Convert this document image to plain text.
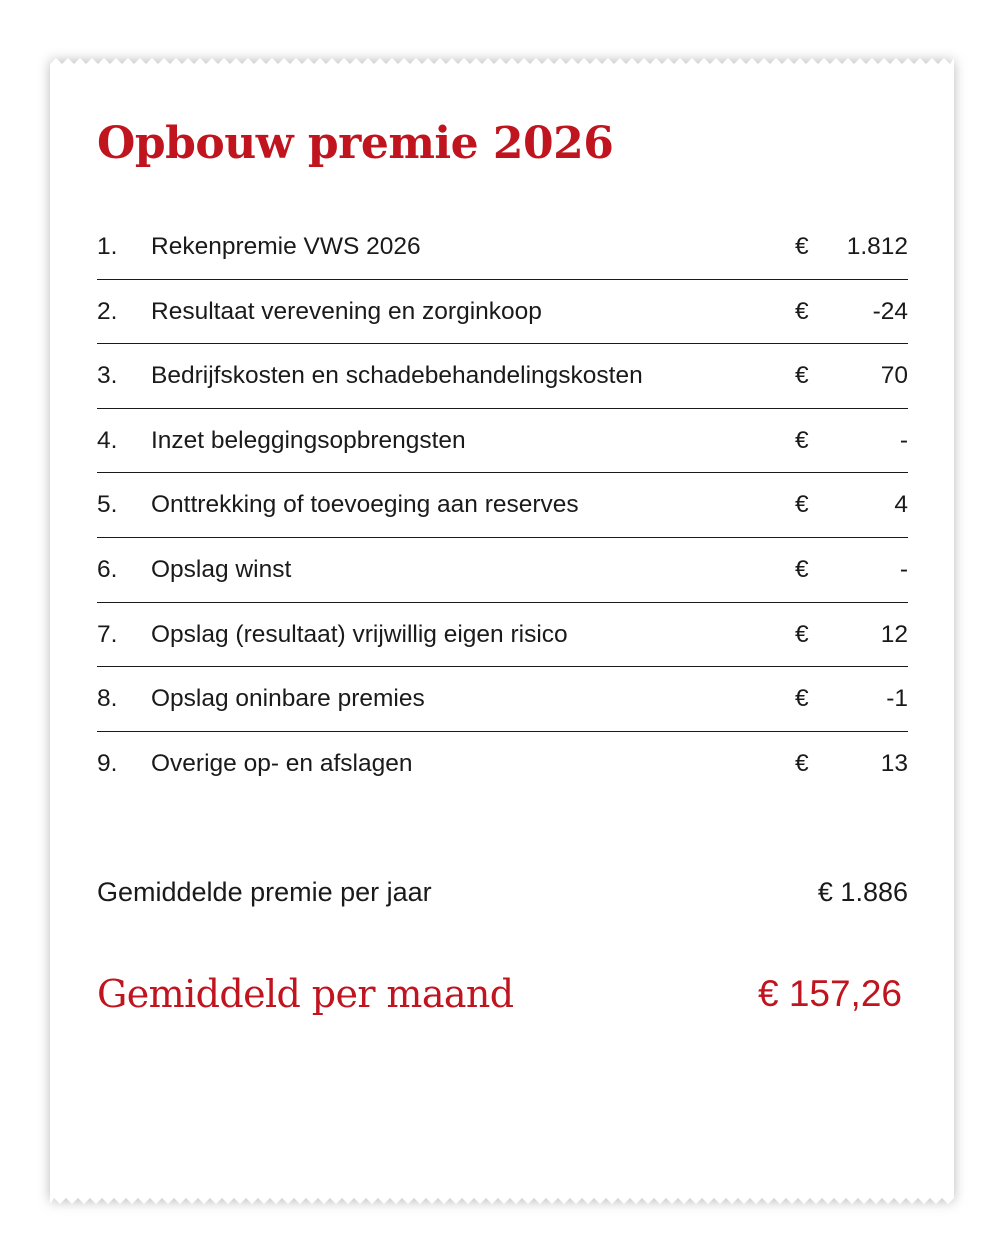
Opbouw premie 2026
1. Rekenpremie VWS 2026	€ 1.812
2. Resultaat verevening en zorginkoop	€	-24
3. Bedrijfskosten en schadebehandelingskosten	€	70
4. Inzet beleggingsopbrengsten	€	-
5. Onttrekking of toevoeging aan reserves	€	4
6. Opslag winst	€	-
7. Opslag (resultaat) vrijwillig eigen risico	€	12
8. Opslag oninbare premies	€	-1
9. Overige op- en afslagen	€	13
Gemiddelde premie per jaar	€ 1.886
Gemiddeld per maand	€ 157,26
